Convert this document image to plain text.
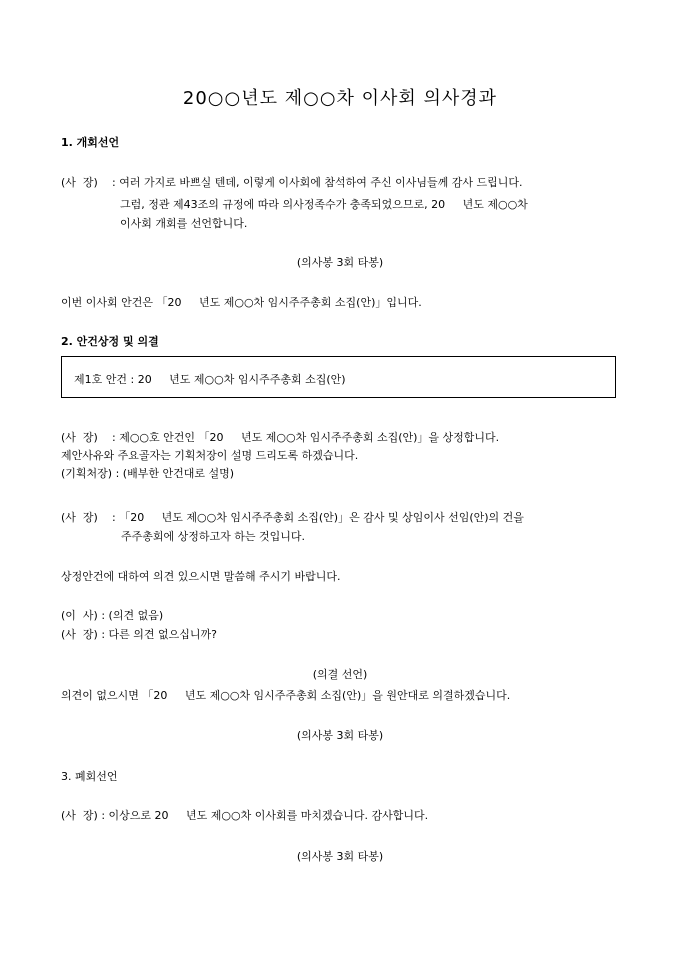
20○○년도 제○○차 이사회 의사경과
1. 개회선언
(사  장) : 여러 가지로 바쁘실 텐데, 이렇게 이사회에 참석하여 주신 이사님들께 감사 드립니다.
그럼, 정관 제43조의 규정에 따라 의사정족수가 충족되었으므로, 20     년도 제○○차
이사회 개회를 선언합니다.
(의사봉 3회 타봉)
이번 이사회 안건은 「20     년도 제○○차 임시주주총회 소집(안)」입니다.
2. 안건상정 및 의결
제1호 안건 : 20     년도 제○○차 임시주주총회 소집(안)
(사  장) : 제○○호 안건인 「20     년도 제○○차 임시주주총회 소집(안)」을 상정합니다.
제안사유와 주요골자는 기획처장이 설명 드리도록 하겠습니다.
(기획처장) : (배부한 안건대로 설명)
(사  장) : 「20     년도 제○○차 임시주주총회 소집(안)」은 감사 및 상임이사 선임(안)의 건을
주주총회에 상정하고자 하는 것입니다.
상정안건에 대하여 의견 있으시면 말씀해 주시기 바랍니다.
(이  사) : (의견 없음)
(사  장) : 다른 의견 없으십니까?
(의결 선언)
의견이 없으시면 「20     년도 제○○차 임시주주총회 소집(안)」을 원안대로 의결하겠습니다.
(의사봉 3회 타봉)
3. 폐회선언
(사  장) : 이상으로 20     년도 제○○차 이사회를 마치겠습니다. 감사합니다.
(의사봉 3회 타봉)
